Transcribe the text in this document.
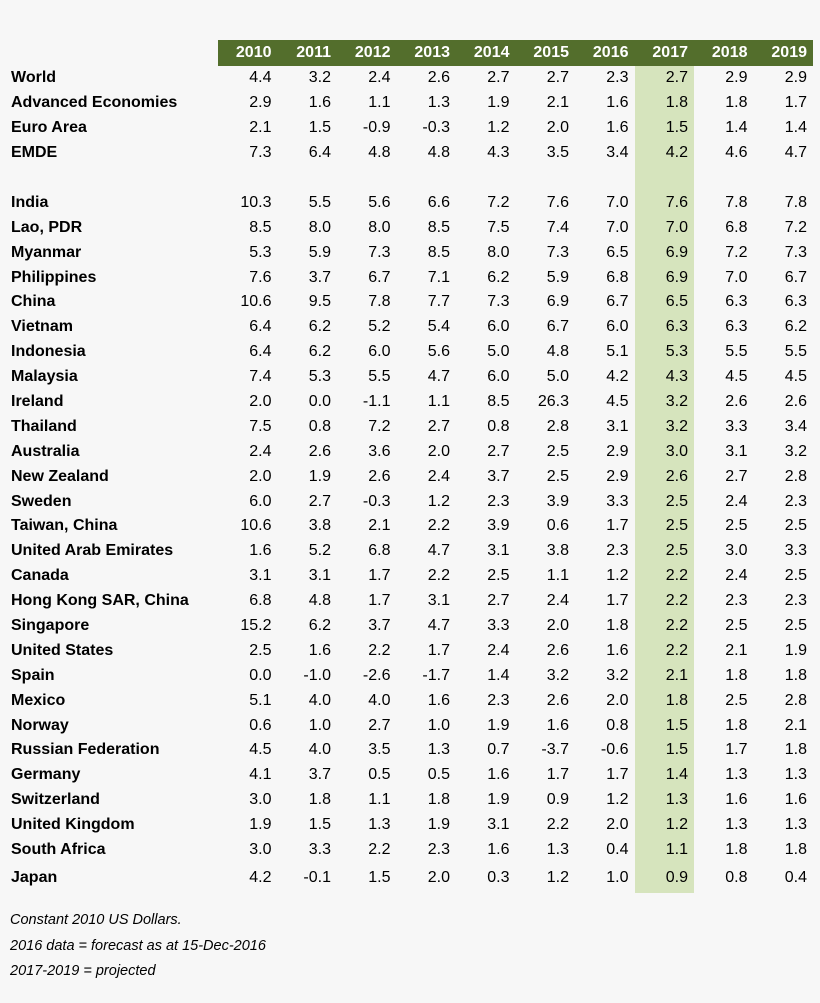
	2010	2011	2012	2013	2014	2015	2016	2017	2018	2019
World	4.4	3.2	2.4	2.6	2.7	2.7	2.3	2.7	2.9	2.9
Advanced Economies	2.9	1.6	1.1	1.3	1.9	2.1	1.6	1.8	1.8	1.7
Euro Area	2.1	1.5	-0.9	-0.3	1.2	2.0	1.6	1.5	1.4	1.4
EMDE	7.3	6.4	4.8	4.8	4.3	3.5	3.4	4.2	4.6	4.7

India	10.3	5.5	5.6	6.6	7.2	7.6	7.0	7.6	7.8	7.8
Lao, PDR	8.5	8.0	8.0	8.5	7.5	7.4	7.0	7.0	6.8	7.2
Myanmar	5.3	5.9	7.3	8.5	8.0	7.3	6.5	6.9	7.2	7.3
Philippines	7.6	3.7	6.7	7.1	6.2	5.9	6.8	6.9	7.0	6.7
China	10.6	9.5	7.8	7.7	7.3	6.9	6.7	6.5	6.3	6.3
Vietnam	6.4	6.2	5.2	5.4	6.0	6.7	6.0	6.3	6.3	6.2
Indonesia	6.4	6.2	6.0	5.6	5.0	4.8	5.1	5.3	5.5	5.5
Malaysia	7.4	5.3	5.5	4.7	6.0	5.0	4.2	4.3	4.5	4.5
Ireland	2.0	0.0	-1.1	1.1	8.5	26.3	4.5	3.2	2.6	2.6
Thailand	7.5	0.8	7.2	2.7	0.8	2.8	3.1	3.2	3.3	3.4
Australia	2.4	2.6	3.6	2.0	2.7	2.5	2.9	3.0	3.1	3.2
New Zealand	2.0	1.9	2.6	2.4	3.7	2.5	2.9	2.6	2.7	2.8
Sweden	6.0	2.7	-0.3	1.2	2.3	3.9	3.3	2.5	2.4	2.3
Taiwan, China	10.6	3.8	2.1	2.2	3.9	0.6	1.7	2.5	2.5	2.5
United Arab Emirates	1.6	5.2	6.8	4.7	3.1	3.8	2.3	2.5	3.0	3.3
Canada	3.1	3.1	1.7	2.2	2.5	1.1	1.2	2.2	2.4	2.5
Hong Kong SAR, China	6.8	4.8	1.7	3.1	2.7	2.4	1.7	2.2	2.3	2.3
Singapore	15.2	6.2	3.7	4.7	3.3	2.0	1.8	2.2	2.5	2.5
United States	2.5	1.6	2.2	1.7	2.4	2.6	1.6	2.2	2.1	1.9
Spain	0.0	-1.0	-2.6	-1.7	1.4	3.2	3.2	2.1	1.8	1.8
Mexico	5.1	4.0	4.0	1.6	2.3	2.6	2.0	1.8	2.5	2.8
Norway	0.6	1.0	2.7	1.0	1.9	1.6	0.8	1.5	1.8	2.1
Russian Federation	4.5	4.0	3.5	1.3	0.7	-3.7	-0.6	1.5	1.7	1.8
Germany	4.1	3.7	0.5	0.5	1.6	1.7	1.7	1.4	1.3	1.3
Switzerland	3.0	1.8	1.1	1.8	1.9	0.9	1.2	1.3	1.6	1.6
United Kingdom	1.9	1.5	1.3	1.9	3.1	2.2	2.0	1.2	1.3	1.3
South Africa	3.0	3.3	2.2	2.3	1.6	1.3	0.4	1.1	1.8	1.8
Japan	4.2	-0.1	1.5	2.0	0.3	1.2	1.0	0.9	0.8	0.4
Constant 2010 US Dollars.
2016 data = forecast as at 15-Dec-2016
2017-2019 = projected
